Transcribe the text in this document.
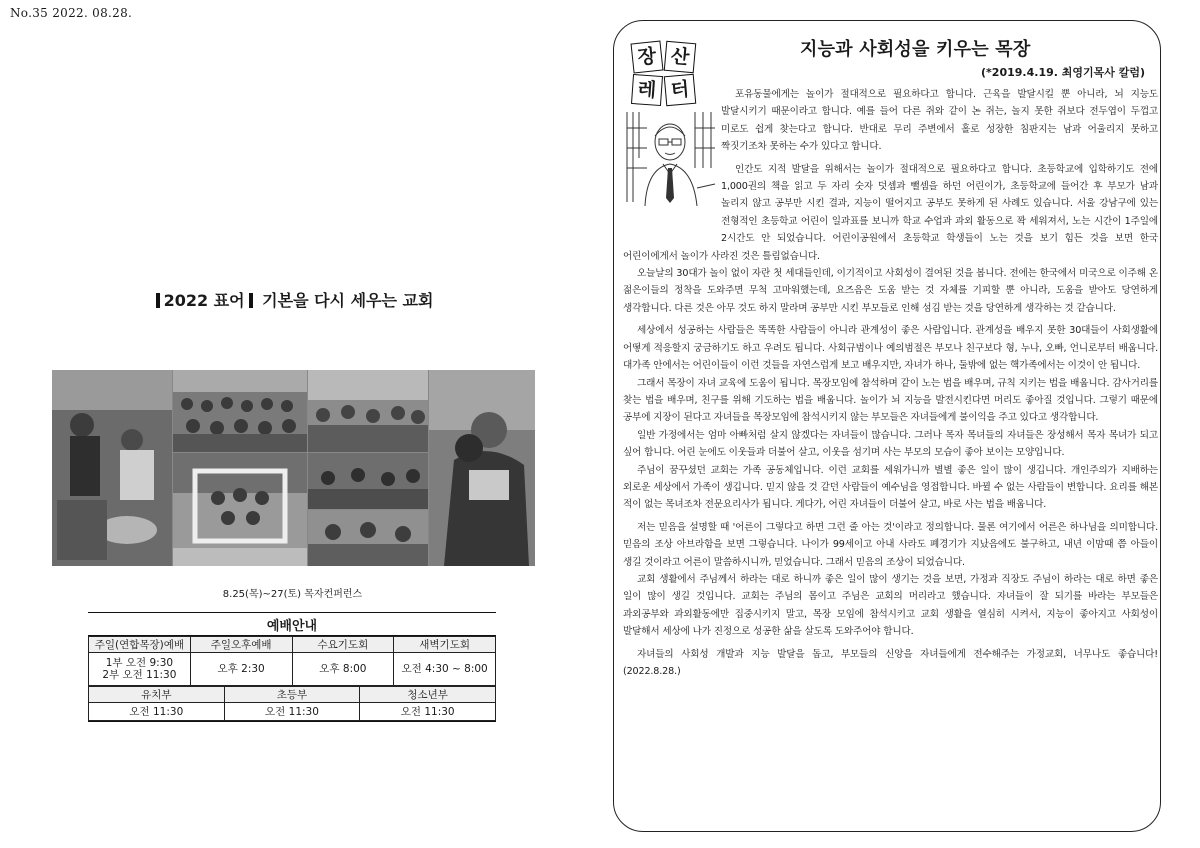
No.35 2022. 08.28.
2022 표어 기본을 다시 세우는 교회
8.25(목)~27(토) 목자컨퍼런스
예배안내
주일(연합목장)예배	주일오후예배	수요기도회	새벽기도회
1부 오전 9:30
2부 오전 11:30	오후 2:30	오후 8:00	오전 4:30 ~ 8:00
유치부	초등부	청소년부
오전 11:30	오전 11:30	오전 11:30
장 산
레 터
지능과 사회성을 키우는 목장
(*2019.4.19. 최영기목사 칼럼)
포유동물에게는 놀이가 절대적으로 필요하다고 합니다. 근육을 발달시킬 뿐 아니라, 뇌 지능도 발달시키기 때문이라고 합니다. 예를 들어 다른 쥐와 같이 논 쥐는, 놀지 못한 쥐보다 전두엽이 두껍고 미로도 쉽게 찾는다고 합니다. 반대로 무리 주변에서 홀로 성장한 침판지는 남과 어울리지 못하고 짝짓기조차 못하는 수가 있다고 합니다.
인간도 지적 발달을 위해서는 놀이가 절대적으로 필요하다고 합니다. 초등학교에 입학하기도 전에 1,000권의 책을 읽고 두 자리 숫자 덧셈과 뺄셈을 하던 어린이가, 초등학교에 들어간 후 부모가 남과 놀리지 않고 공부만 시킨 결과, 지능이 떨어지고 공부도 못하게 된 사례도 있습니다. 서울 강남구에 있는 전형적인 초등학교 어린이 일과표를 보니까 학교 수업과 과외 활동으로 꽉 세워져서, 노는 시간이 1주일에 2시간도 안 되었습니다. 어린이공원에서 초등학교 학생들이 노는 것을 보기 힘든 것을 보면 한국 어린이에게서 놀이가 사라진 것은 틀림없습니다.
오늘날의 30대가 놀이 없이 자란 첫 세대들인데, 이기적이고 사회성이 결여된 것을 봅니다. 전에는 한국에서 미국으로 이주해 온 젊은이들의 정착을 도와주면 무척 고마워했는데, 요즈음은 도움 받는 것 자체를 기피할 뿐 아니라, 도움을 받아도 당연하게 생각합니다. 다른 것은 아무 것도 하지 말라며 공부만 시킨 부모들로 인해 섬김 받는 것을 당연하게 생각하는 것 같습니다.
세상에서 성공하는 사람들은 똑똑한 사람들이 아니라 관계성이 좋은 사람입니다. 관계성을 배우지 못한 30대들이 사회생활에 어떻게 적응할지 궁금하기도 하고 우려도 됩니다. 사회규범이나 예의범절은 부모나 친구보다 형, 누나, 오빠, 언니로부터 배웁니다. 대가족 안에서는 어린이들이 이런 것들을 자연스럽게 보고 배우지만, 자녀가 하나, 둘밖에 없는 핵가족에서는 이것이 안 됩니다.
그래서 목장이 자녀 교육에 도움이 됩니다. 목장모임에 참석하며 같이 노는 법을 배우며, 규칙 지키는 법을 배웁니다. 감사거리를 찾는 법을 배우며, 친구를 위해 기도하는 법을 배웁니다. 놀이가 뇌 지능을 발전시킨다면 머리도 좋아질 것입니다. 그렇기 때문에 공부에 지장이 된다고 자녀들을 목장모임에 참석시키지 않는 부모들은 자녀들에게 불이익을 주고 있다고 생각합니다.
일반 가정에서는 엄마 아빠처럼 살지 않겠다는 자녀들이 많습니다. 그러나 목자 목녀들의 자녀들은 장성해서 목자 목녀가 되고 싶어 합니다. 어린 눈에도 이웃들과 더불어 살고, 이웃을 섬기며 사는 부모의 모습이 좋아 보이는 모양입니다.
주님이 꿈꾸셨던 교회는 가족 공동체입니다. 이런 교회를 세워가니까 별별 좋은 일이 많이 생깁니다. 개인주의가 지배하는 외로운 세상에서 가족이 생깁니다. 믿지 않을 것 같던 사람들이 예수님을 영접합니다. 바뀔 수 없는 사람들이 변합니다. 요리를 해본 적이 없는 목녀조차 전문요리사가 됩니다. 게다가, 어린 자녀들이 더불어 살고, 바로 사는 법을 배웁니다.
저는 믿음을 설명할 때 '어른이 그렇다고 하면 그런 줄 아는 것'이라고 정의합니다. 물론 여기에서 어른은 하나님을 의미합니다. 믿음의 조상 아브라함을 보면 그렇습니다. 나이가 99세이고 아내 사라도 폐경기가 지났음에도 불구하고, 내년 이맘때 쯤 아들이 생길 것이라고 어른이 말씀하시니까, 믿었습니다. 그래서 믿음의 조상이 되었습니다.
교회 생활에서 주님께서 하라는 대로 하니까 좋은 일이 많이 생기는 것을 보면, 가정과 직장도 주님이 하라는 대로 하면 좋은 일이 많이 생길 것입니다. 교회는 주님의 몸이고 주님은 교회의 머리라고 했습니다. 자녀들이 잘 되기를 바라는 부모들은 과외공부와 과외활동에만 집중시키지 말고, 목장 모임에 참석시키고 교회 생활을 열심히 시켜서, 지능이 좋아지고 사회성이 발달해서 세상에 나가 진정으로 성공한 삶을 살도록 도와주어야 합니다.
자녀들의 사회성 개발과 지능 발달을 돕고, 부모들의 신앙을 자녀들에게 전수해주는 가정교회, 너무나도 좋습니다!(2022.8.28.)
